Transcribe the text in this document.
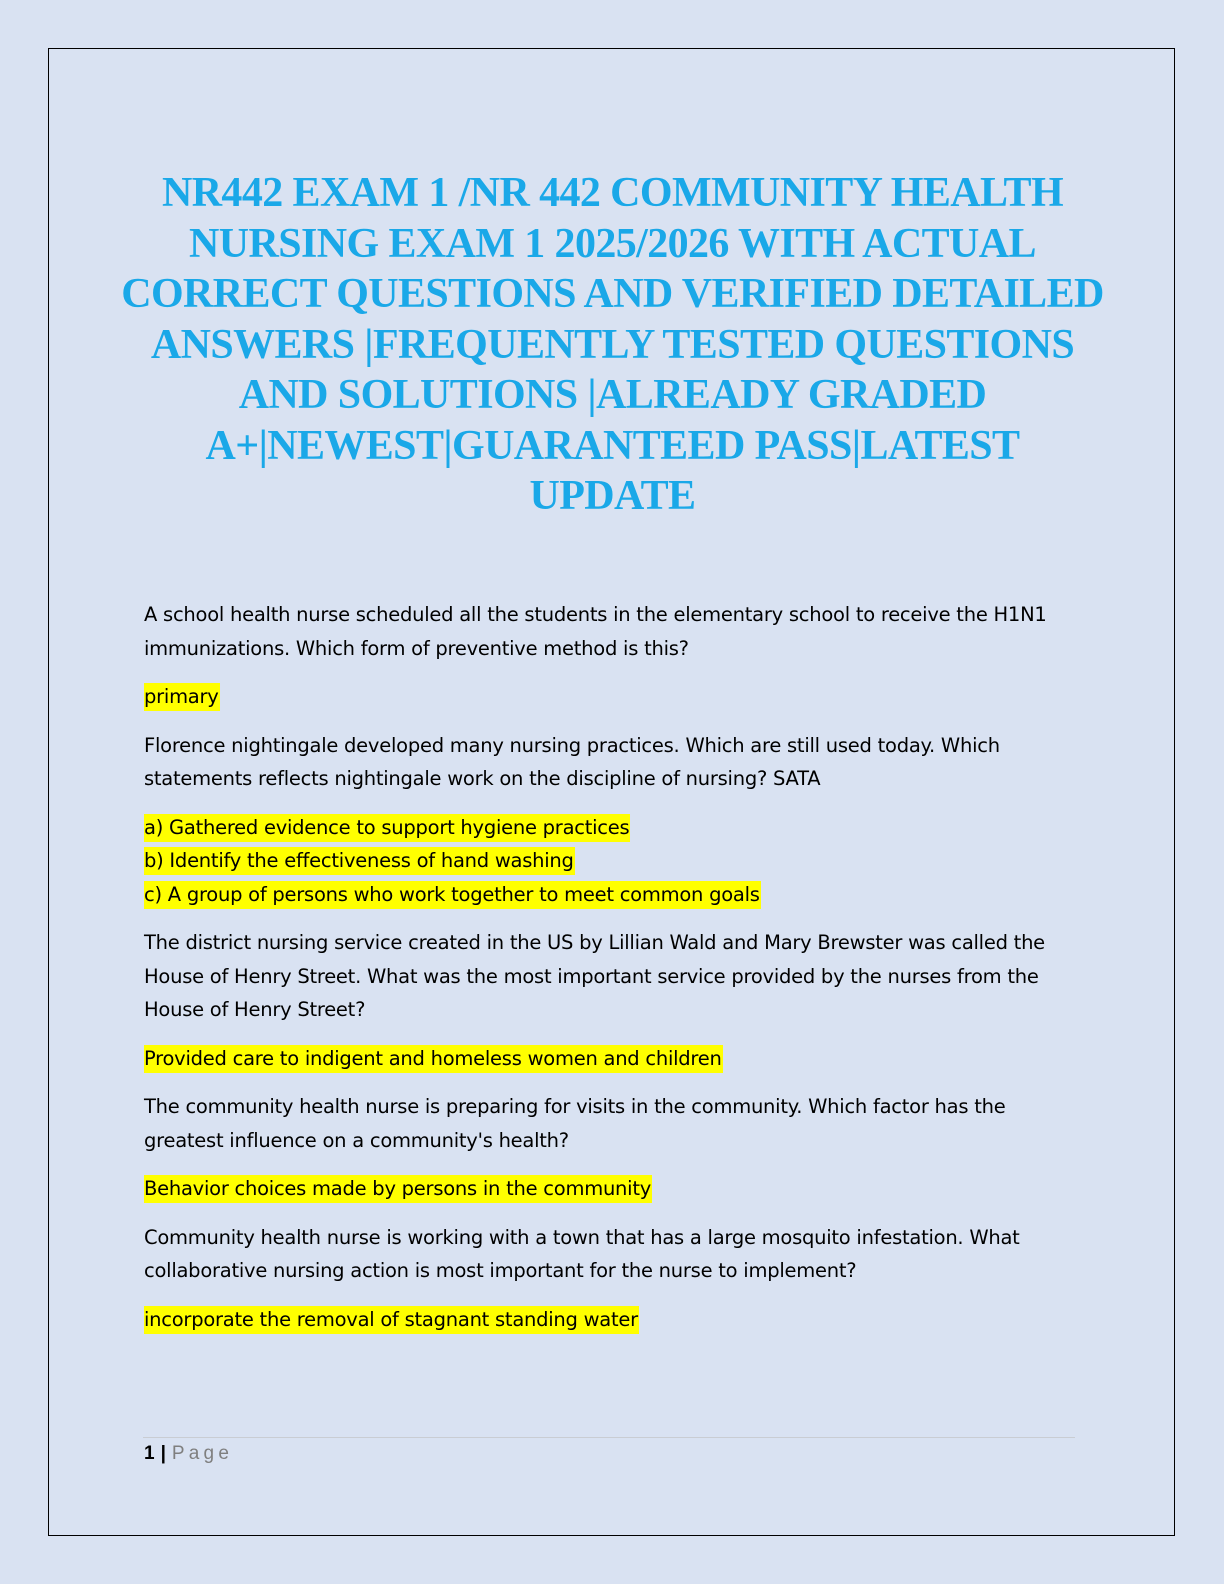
NR442 EXAM 1 /NR 442 COMMUNITY HEALTH NURSING EXAM 1 2025/2026 WITH ACTUAL CORRECT QUESTIONS AND VERIFIED DETAILED ANSWERS |FREQUENTLY TESTED QUESTIONS AND SOLUTIONS |ALREADY GRADED A+|NEWEST|GUARANTEED PASS|LATEST UPDATE

A school health nurse scheduled all the students in the elementary school to receive the H1N1 immunizations. Which form of preventive method is this?

primary

Florence nightingale developed many nursing practices. Which are still used today. Which statements reflects nightingale work on the discipline of nursing? SATA

a) Gathered evidence to support hygiene practices
b) Identify the effectiveness of hand washing
c) A group of persons who work together to meet common goals

The district nursing service created in the US by Lillian Wald and Mary Brewster was called the House of Henry Street. What was the most important service provided by the nurses from the House of Henry Street?

Provided care to indigent and homeless women and children

The community health nurse is preparing for visits in the community. Which factor has the greatest influence on a community's health?

Behavior choices made by persons in the community

Community health nurse is working with a town that has a large mosquito infestation. What collaborative nursing action is most important for the nurse to implement?

incorporate the removal of stagnant standing water
1 | Page
